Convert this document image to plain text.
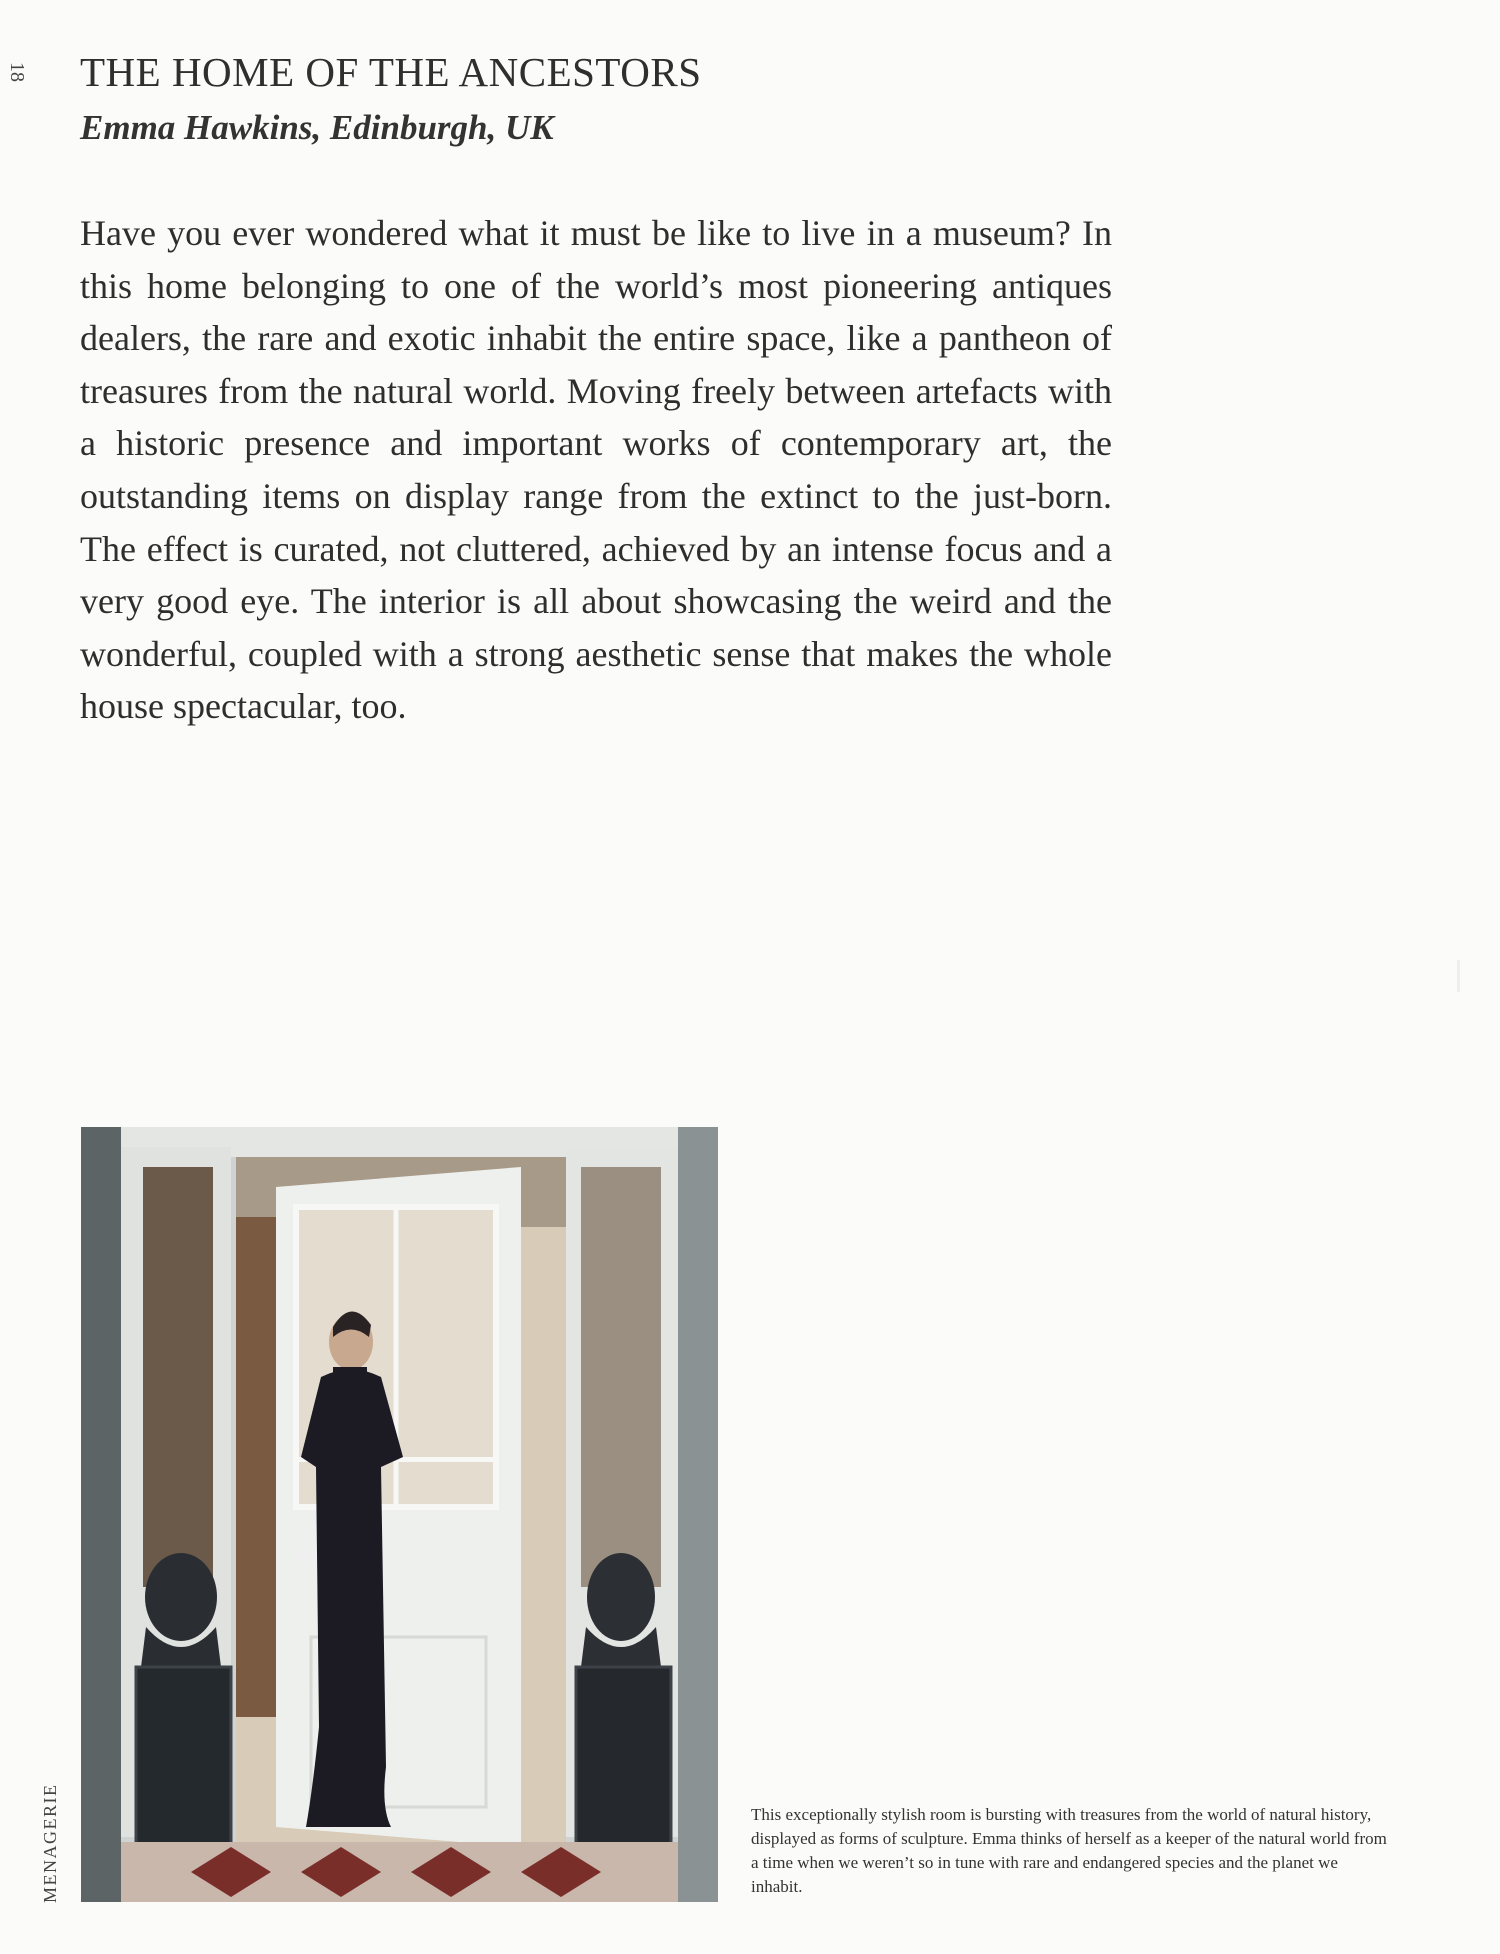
18 THE HOME OF THE ANCESTORS
Emma Hawkins, Edinburgh, UK

Have you ever wondered what it must be like to live in a museum? In this home belonging to one of the world’s most pioneering antiques dealers, the rare and exotic inhabit the entire space, like a pantheon of treasures from the natural world. Moving freely between artefacts with a historic presence and important works of contemporary art, the outstanding items on display range from the extinct to the just-born. The effect is curated, not cluttered, achieved by an intense focus and a very good eye. The interior is all about showcasing the weird and the wonderful, coupled with a strong aesthetic sense that makes the whole house spectacular, too.

This exceptionally stylish room is bursting with treasures from the world of natural history, displayed as forms of sculpture. Emma thinks of herself as a keeper of the natural world from a time when we weren’t so in tune with rare and endangered species and the planet we inhabit.

MENAGERIE
